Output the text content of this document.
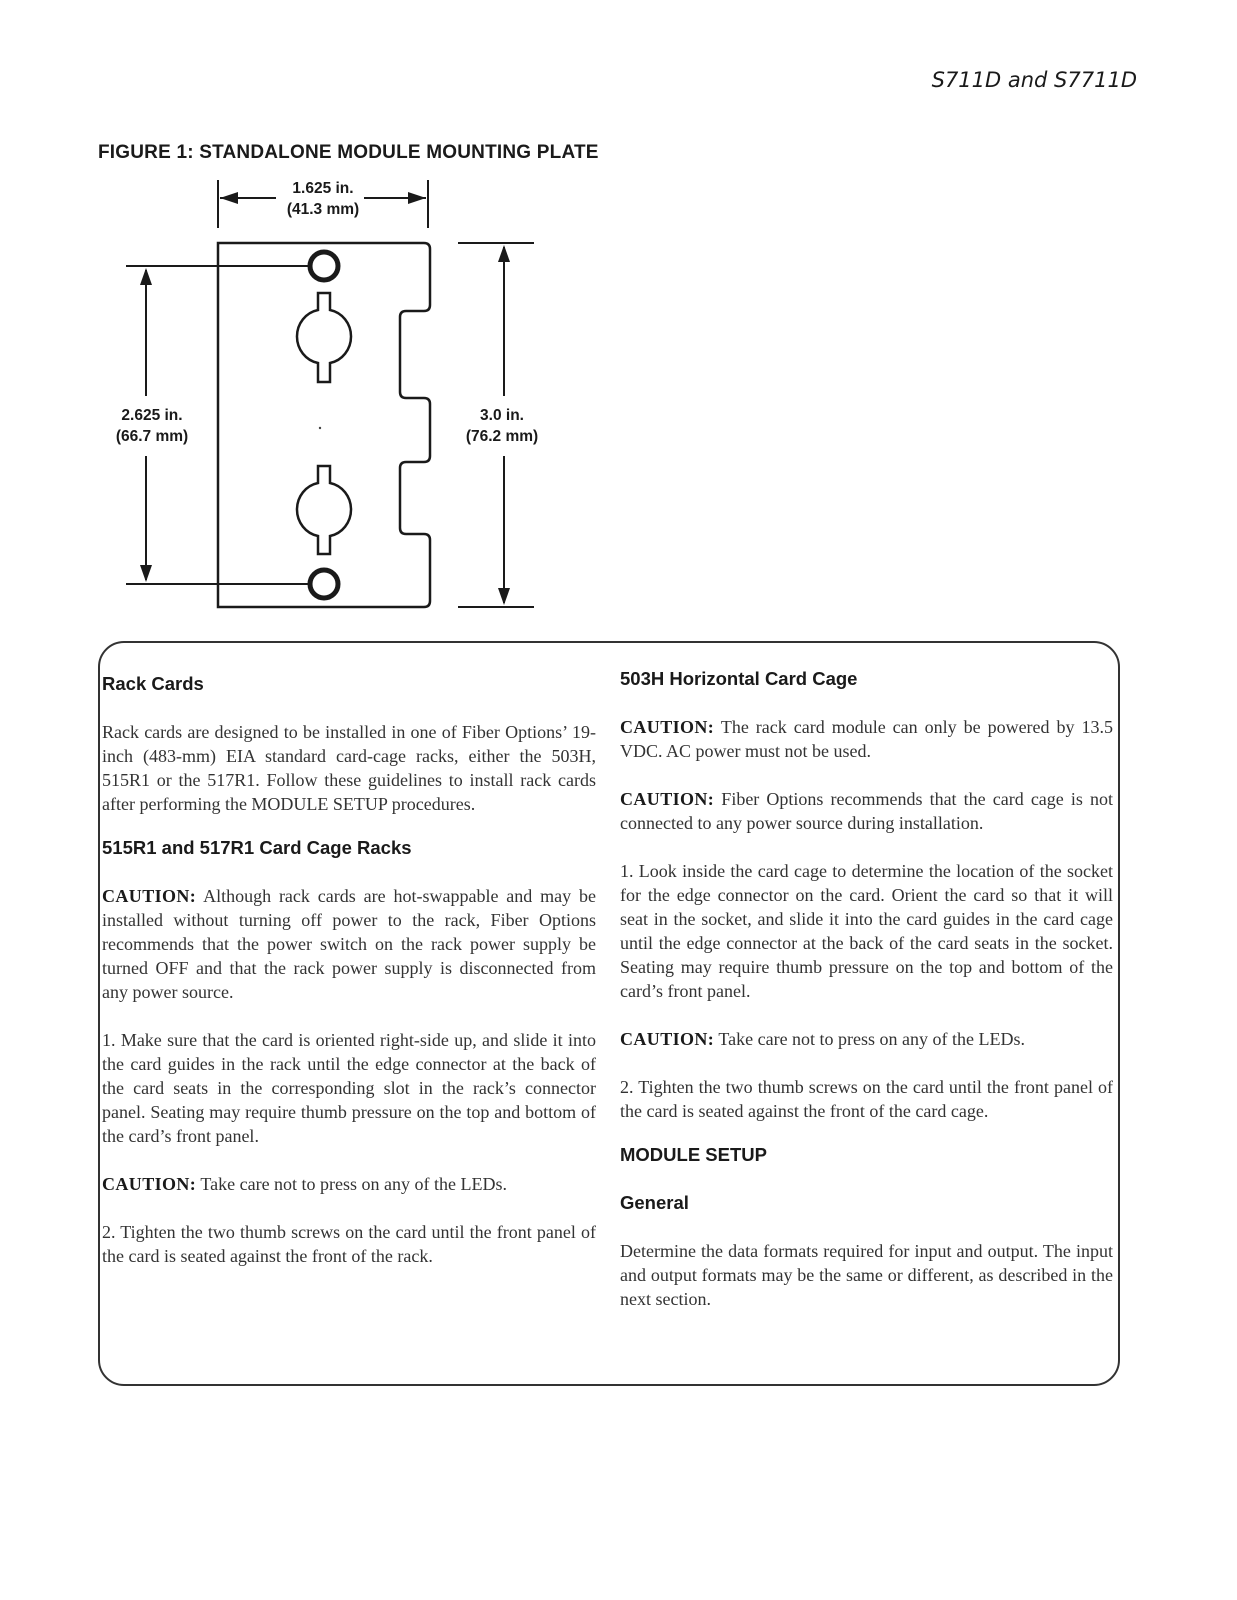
S711D and S7711D
FIGURE 1: STANDALONE MODULE MOUNTING PLATE
1.625 in.
(41.3 mm)
2.625 in.
(66.7 mm)
3.0 in.
(76.2 mm)
Rack Cards

Rack cards are designed to be installed in one of Fiber Options’ 19-inch (483-mm) EIA standard card-cage racks, either the 503H, 515R1 or the 517R1. Follow these guidelines to install rack cards after performing the MODULE SETUP procedures.

515R1 and 517R1 Card Cage Racks

CAUTION: Although rack cards are hot-swappable and may be installed without turning off power to the rack, Fiber Options recommends that the power switch on the rack power supply be turned OFF and that the rack power supply is disconnected from any power source.

1. Make sure that the card is oriented right-side up, and slide it into the card guides in the rack until the edge connector at the back of the card seats in the corresponding slot in the rack’s connector panel. Seating may require thumb pressure on the top and bottom of the card’s front panel.

CAUTION: Take care not to press on any of the LEDs.

2. Tighten the two thumb screws on the card until the front panel of the card is seated against the front of the rack.

503H Horizontal Card Cage

CAUTION: The rack card module can only be powered by 13.5 VDC. AC power must not be used.

CAUTION: Fiber Options recommends that the card cage is not connected to any power source during installation.

1. Look inside the card cage to determine the location of the socket for the edge connector on the card. Orient the card so that it will seat in the socket, and slide it into the card guides in the card cage until the edge connector at the back of the card seats in the socket. Seating may require thumb pressure on the top and bottom of the card’s front panel.

CAUTION: Take care not to press on any of the LEDs.

2. Tighten the two thumb screws on the card until the front panel of the card is seated against the front of the card cage.

MODULE SETUP
General

Determine the data formats required for input and output. The input and output formats may be the same or different, as described in the next section.
